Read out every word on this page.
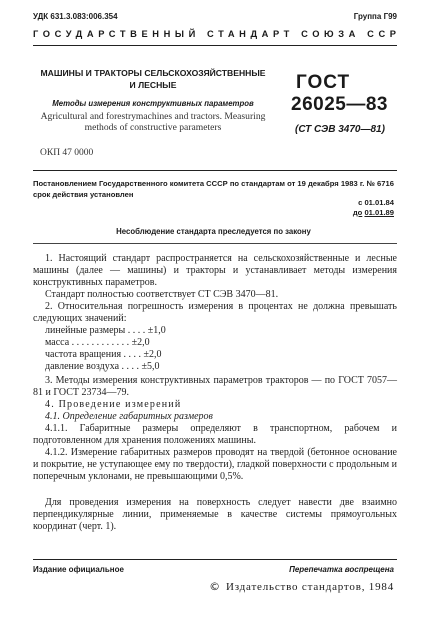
УДК 631.3.083:006.354	Группа Г99
ГОСУДАРСТВЕННЫЙ СТАНДАРТ СОЮЗА ССР
МАШИНЫ И ТРАКТОРЫ СЕЛЬСКОХОЗЯЙСТВЕННЫЕ И ЛЕСНЫЕ
Методы измерения конструктивных параметров
Agricultural and forestrymachines and tractors. Measuring methods of constructive parameters
ГОСТ
26025—83
(СТ СЭВ 3470—81)
ОКП 47 0000
Постановлением Государственного комитета СССР по стандартам от 19 декабря 1983 г. № 6716 срок действия установлен
с 01.01.84
до 01.01.89
Несоблюдение стандарта преследуется по закону
1. Настоящий стандарт распространяется на сельскохозяйственные и лесные машины (далее — машины) и тракторы и устанавливает методы измерения конструктивных параметров.
Стандарт полностью соответствует СТ СЭВ 3470—81.
2. Относительная погрешность измерения в процентах не должна превышать следующих значений:
линейные размеры . . . . ±1,0
масса . . . . . . . . . . . . ±2,0
частота вращения . . . . ±2,0
давление воздуха . . . . ±5,0
3. Методы измерения конструктивных параметров тракторов — по ГОСТ 7057—81 и ГОСТ 23734—79.
4. Проведение измерений
4.1. Определение габаритных размеров
4.1.1. Габаритные размеры определяют в транспортном, рабочем и подготовленном для хранения положениях машины.
4.1.2. Измерение габаритных размеров проводят на твердой (бетонное основание и покрытие, не уступающее ему по твердости), гладкой поверхности с продольным и поперечным уклонами, не превышающими 0,5%.
Для проведения измерения на поверхность следует навести две взаимно перпендикулярные линии, применяемые в качестве системы прямоугольных координат (черт. 1).
Издание официальное	Перепечатка воспрещена
© Издательство стандартов, 1984
